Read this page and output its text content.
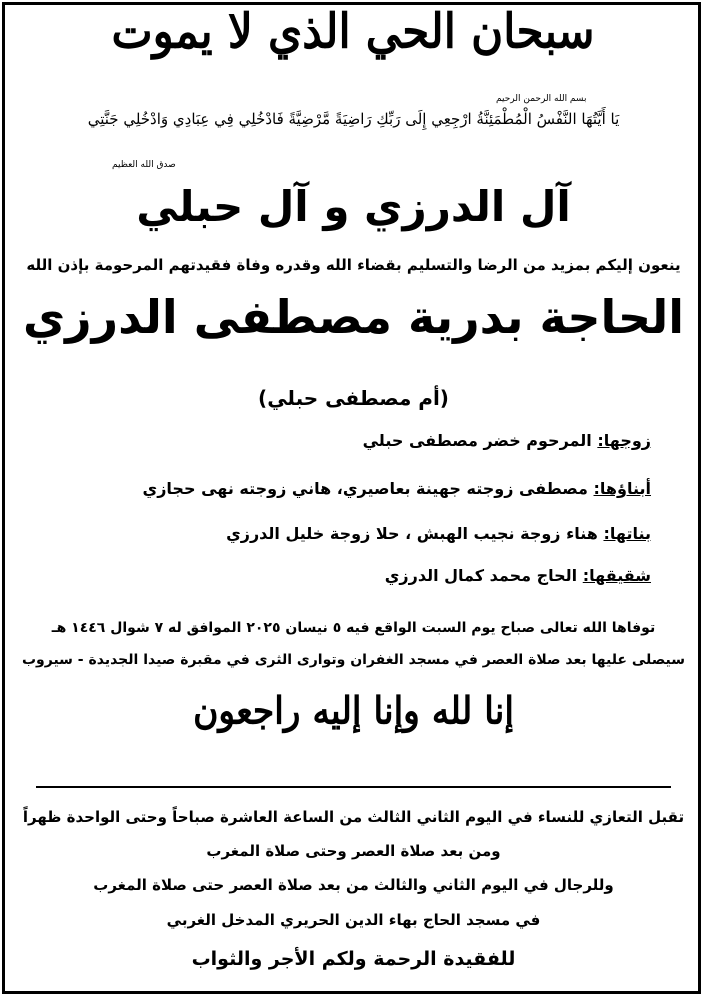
سبحان الحي الذي لا يموت
بسم الله الرحمن الرحيم
يَا أَيَّتُهَا النَّفْسُ الْمُطْمَئِنَّةُ ارْجِعِي إِلَى رَبِّكِ رَاضِيَةً مَّرْضِيَّةً فَادْخُلِي فِي عِبَادِي وَادْخُلِي جَنَّتِي
صدق الله العظيم
آل الدرزي و آل حبلي
ينعون إليكم بمزيد من الرضا والتسليم بقضاء الله وقدره وفاة فقيدتهم المرحومة بإذن الله
الحاجة بدرية مصطفى الدرزي
(أم مصطفى حبلي)
زوجها: المرحوم خضر مصطفى حبلي
أبناؤها: مصطفى زوجته جهينة بعاصيري، هاني زوجته نهى حجازي
بناتها: هناء زوجة نجيب الهبش ، حلا زوجة خليل الدرزي
شقيقها: الحاج محمد كمال الدرزي
توفاها الله تعالى صباح يوم السبت الواقع فيه ٥ نيسان ٢٠٢٥ الموافق له ٧ شوال ١٤٤٦ هـ
سيصلى عليها بعد صلاة العصر في مسجد الغفران وتوارى الثرى في مقبرة صيدا الجديدة - سيروب
إنا لله وإنا إليه راجعون
تقبل التعازي للنساء في اليوم الثاني الثالث من الساعة العاشرة صباحاً وحتى الواحدة ظهراً
ومن بعد صلاة العصر وحتى صلاة المغرب
وللرجال في اليوم الثاني والثالث من بعد صلاة العصر حتى صلاة المغرب
في مسجد الحاج بهاء الدين الحريري المدخل الغربي
للفقيدة الرحمة ولكم الأجر والثواب
